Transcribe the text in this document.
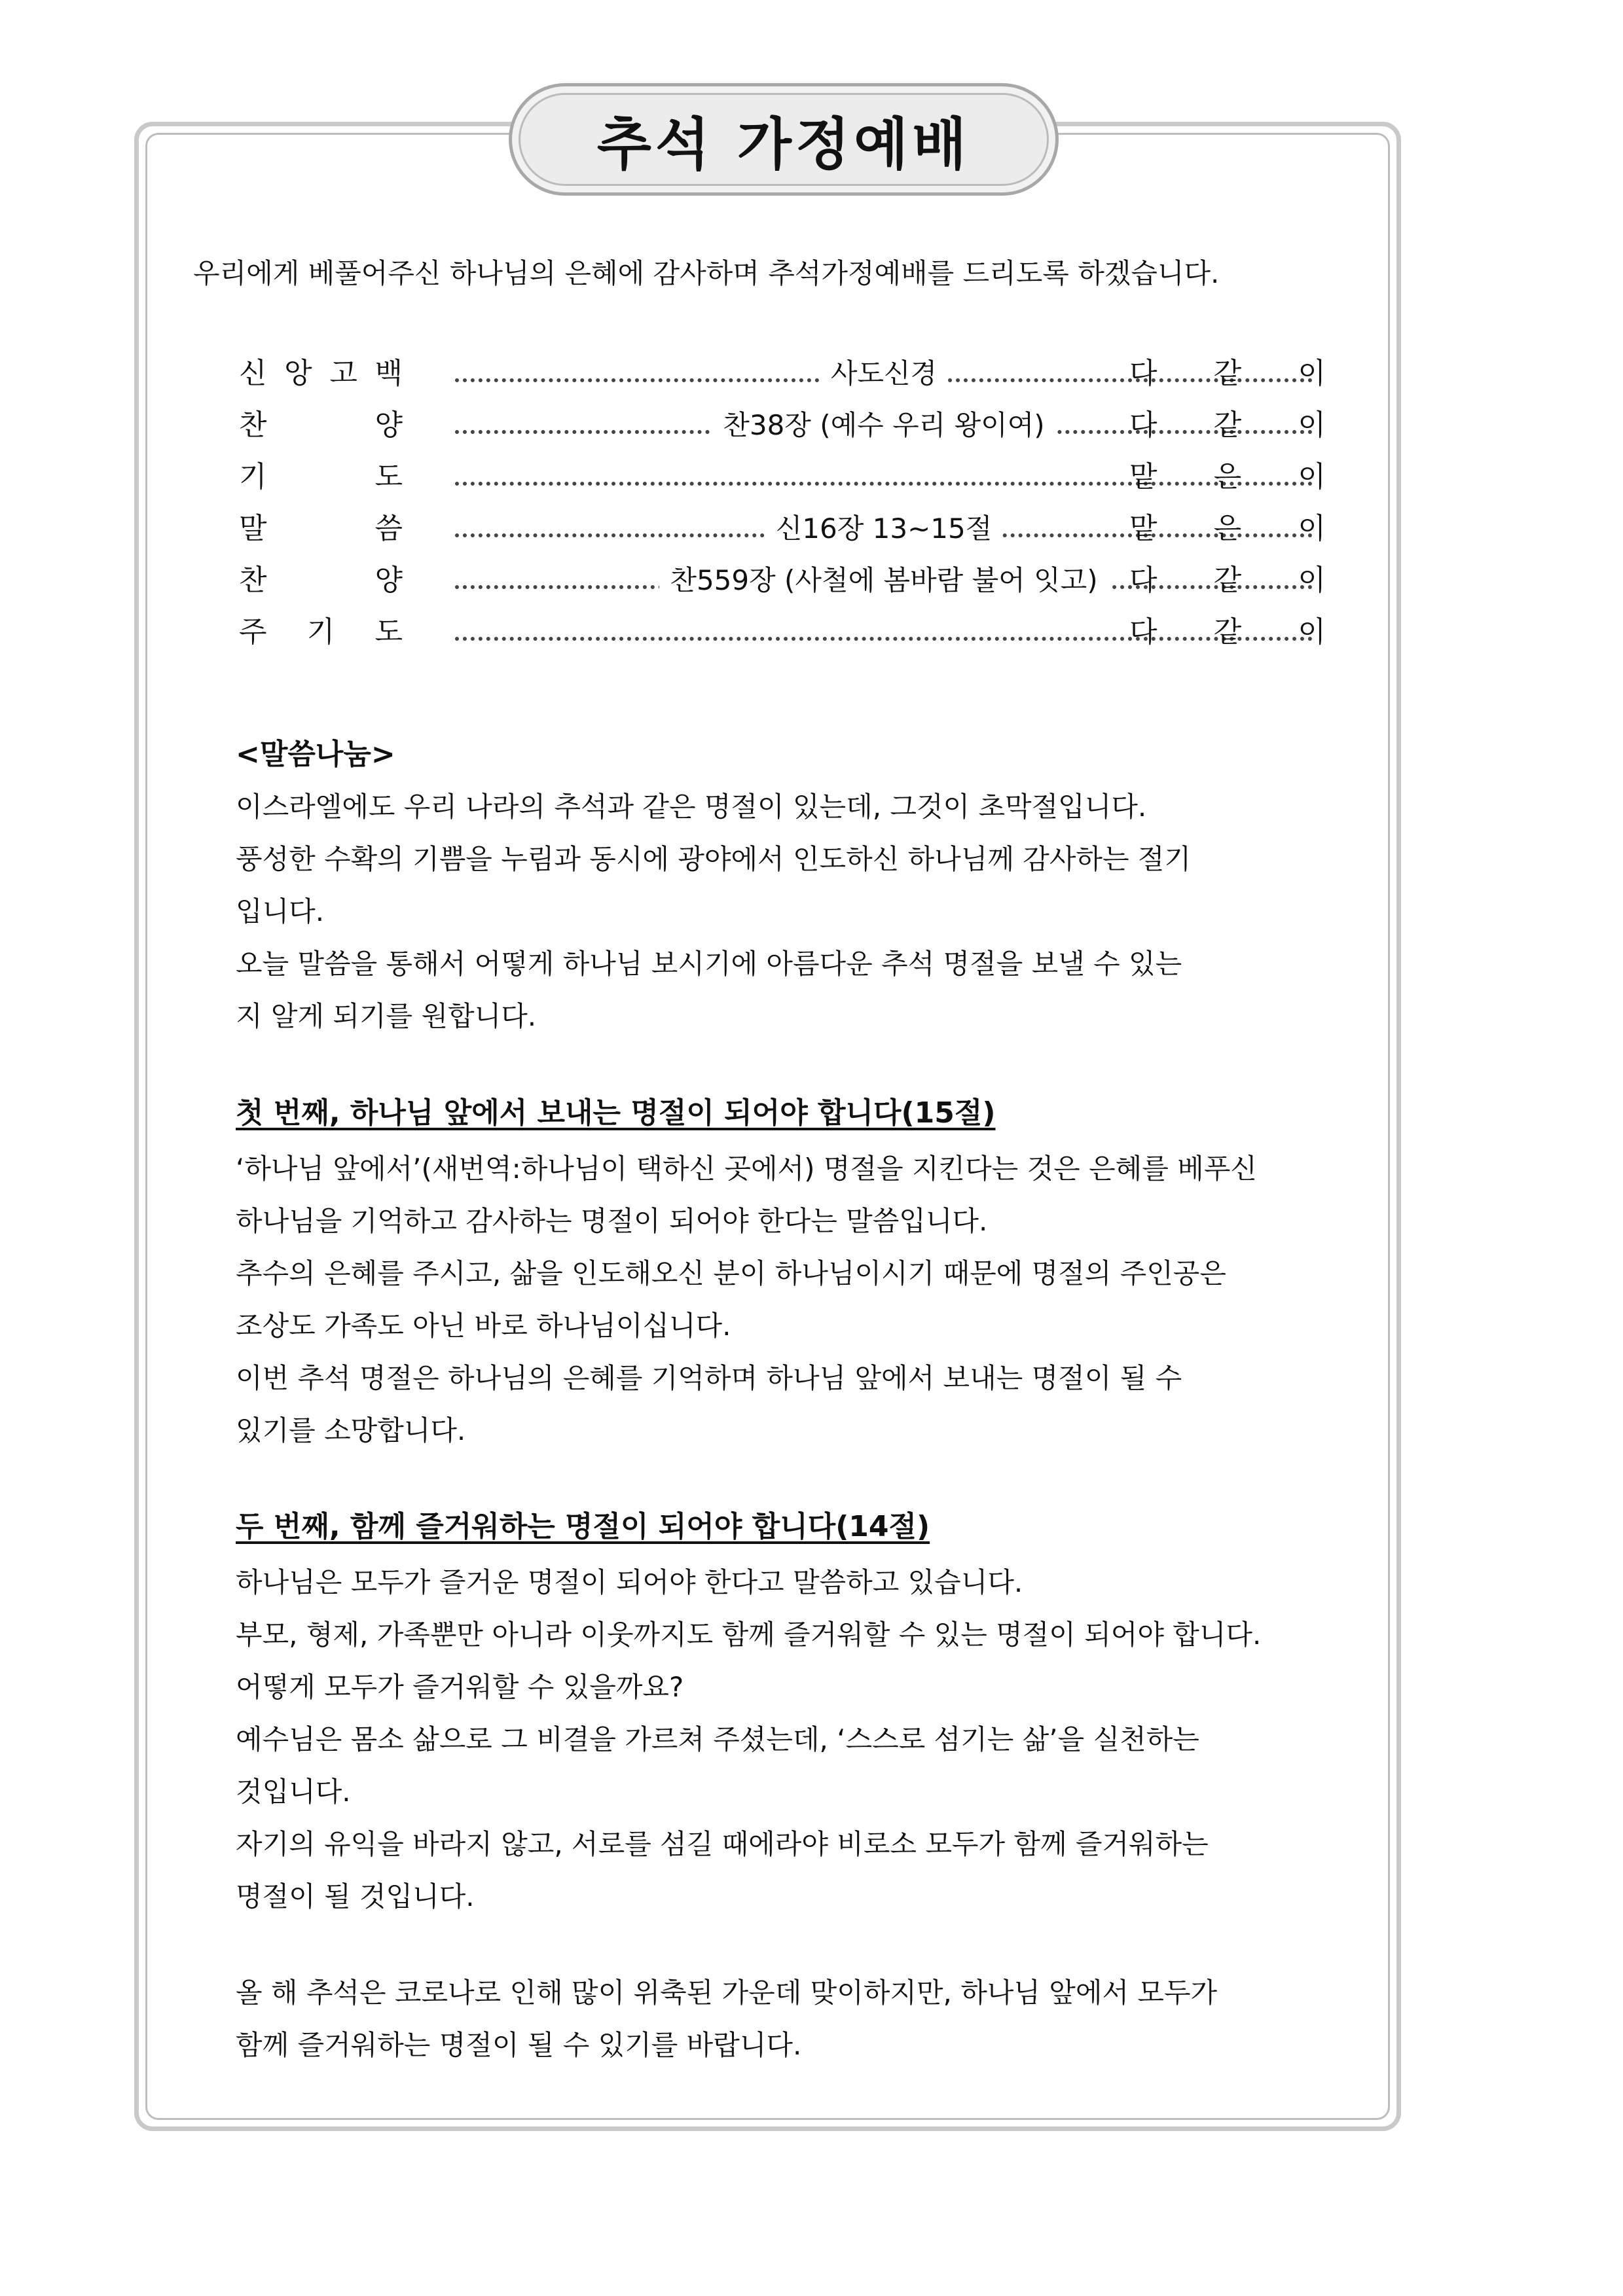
추석 가정예배
우리에게 베풀어주신 하나님의 은혜에 감사하며 추석가정예배를 드리도록 하겠습니다.
신 앙 고 백	사도신경	다 같 이
찬	양	찬38장 (예수 우리 왕이여)	다 같 이
기	도	맡 은 이
말	씀	신16장 13~15절	맡 은 이
찬	양	찬559장 (사철에 봄바람 불어 잇고)	다 같 이
주 기 도	다 같 이
<말씀나눔>

이스라엘에도 우리 나라의 추석과 같은 명절이 있는데, 그것이 초막절입니다.

풍성한 수확의 기쁨을 누림과 동시에 광야에서 인도하신 하나님께 감사하는 절기

입니다.

오늘 말씀을 통해서 어떻게 하나님 보시기에 아름다운 추석 명절을 보낼 수 있는

지 알게 되기를 원합니다.

첫 번째, 하나님 앞에서 보내는 명절이 되어야 합니다(15절)

‘하나님 앞에서’(새번역:하나님이 택하신 곳에서) 명절을 지킨다는 것은 은혜를 베푸신

하나님을 기억하고 감사하는 명절이 되어야 한다는 말씀입니다.

추수의 은혜를 주시고, 삶을 인도해오신 분이 하나님이시기 때문에 명절의 주인공은

조상도 가족도 아닌 바로 하나님이십니다.

이번 추석 명절은 하나님의 은혜를 기억하며 하나님 앞에서 보내는 명절이 될 수

있기를 소망합니다.

두 번째, 함께 즐거워하는 명절이 되어야 합니다(14절)

하나님은 모두가 즐거운 명절이 되어야 한다고 말씀하고 있습니다.

부모, 형제, 가족뿐만 아니라 이웃까지도 함께 즐거워할 수 있는 명절이 되어야 합니다.

어떻게 모두가 즐거워할 수 있을까요?

예수님은 몸소 삶으로 그 비결을 가르쳐 주셨는데, ‘스스로 섬기는 삶’을 실천하는

것입니다.

자기의 유익을 바라지 않고, 서로를 섬길 때에라야 비로소 모두가 함께 즐거워하는

명절이 될 것입니다.

올 해 추석은 코로나로 인해 많이 위축된 가운데 맞이하지만, 하나님 앞에서 모두가

함께 즐거워하는 명절이 될 수 있기를 바랍니다.
